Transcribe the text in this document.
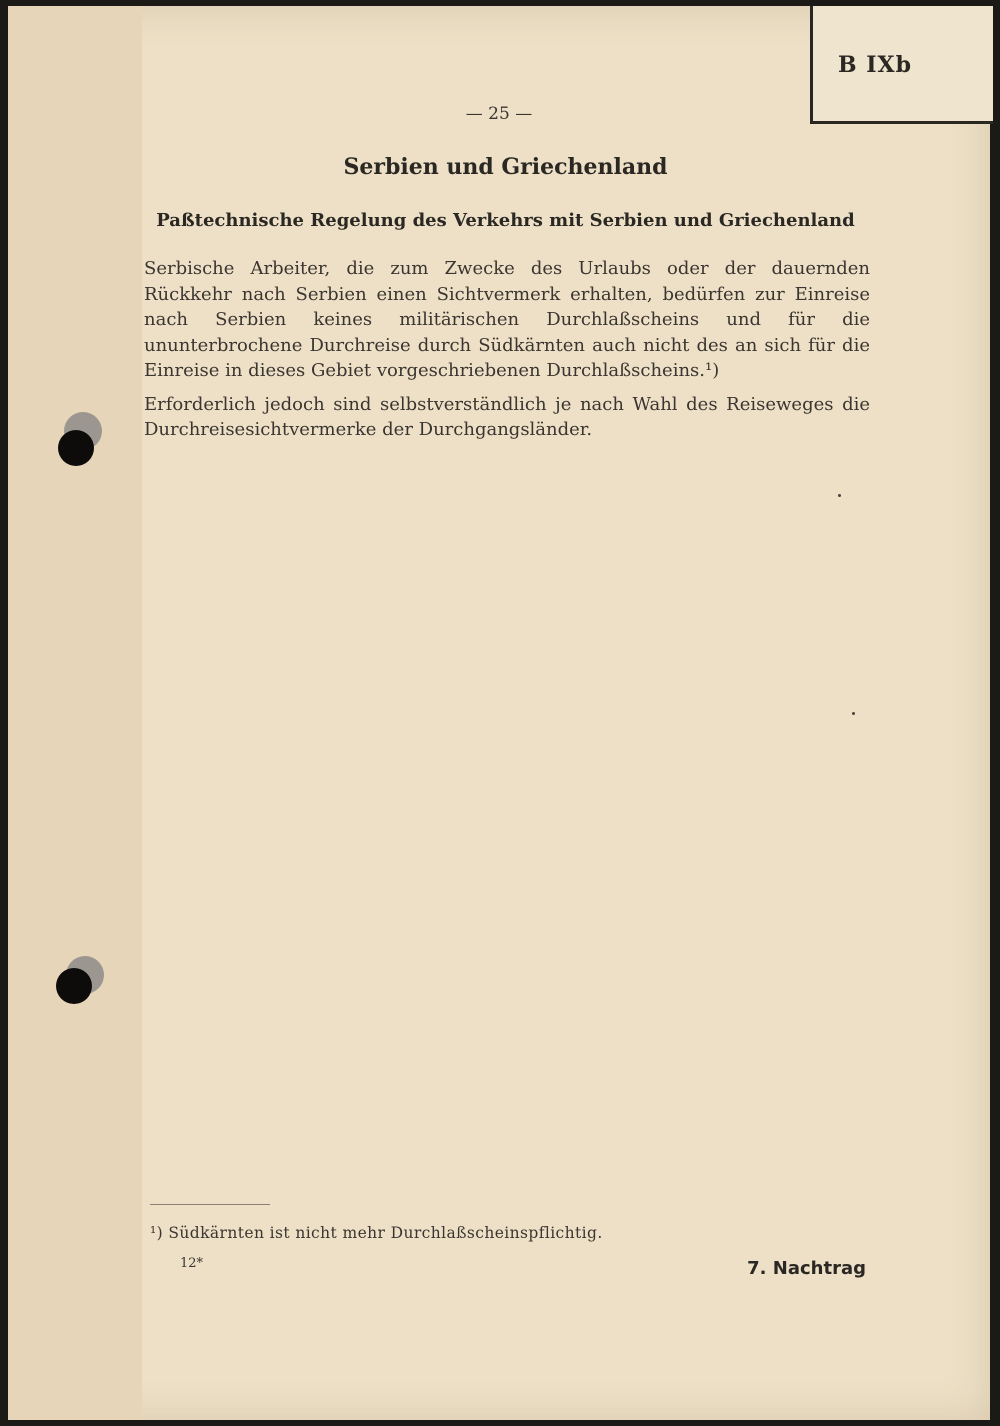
B IXb
— 25 —
Serbien und Griechenland
Paßtechnische Regelung des Verkehrs mit Serbien und Griechenland

Serbische Arbeiter, die zum Zwecke des Urlaubs oder der dauernden Rückkehr nach Serbien einen Sichtvermerk erhalten, bedürfen zur Einreise nach Serbien keines militärischen Durchlaßscheins und für die ununterbrochene Durchreise durch Südkärnten auch nicht des an sich für die Einreise in dieses Gebiet vorgeschriebenen Durchlaßscheins.¹)

Erforderlich jedoch sind selbstverständlich je nach Wahl des Reiseweges die Durchreisesichtvermerke der Durchgangsländer.

¹) Südkärnten ist nicht mehr Durchlaßscheinspflichtig.
12*	7. Nachtrag
